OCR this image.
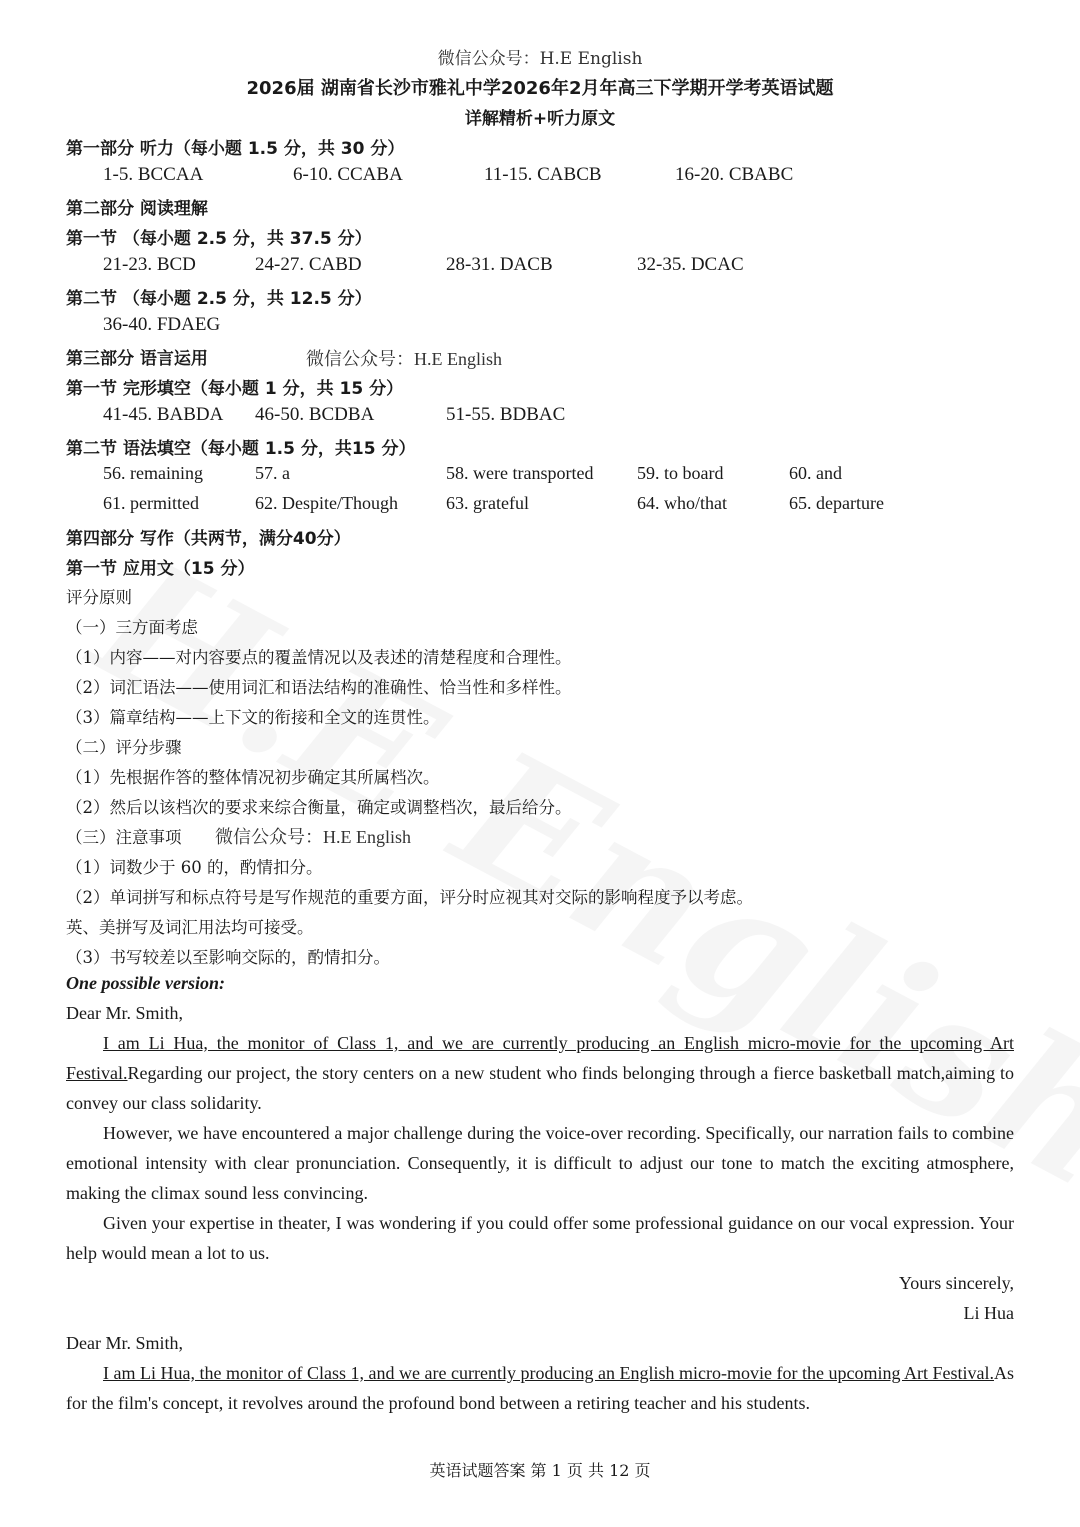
微信公众号：H.E English
2026届 湖南省长沙市雅礼中学2026年2月年高三下学期开学考英语试题
详解精析+听力原文
第一部分 听力（每小题 1.5 分，共 30 分）
1-5. BCCAA	6-10. CCABA	11-15. CABCB	16-20. CBABC
第二部分 阅读理解
第一节 （每小题 2.5 分，共 37.5 分）
21-23. BCD	24-27. CABD	28-31. DACB	32-35. DCAC
第二节 （每小题 2.5 分，共 12.5 分）
36-40. FDAEG
第三部分 语言运用	微信公众号：H.E English
第一节 完形填空（每小题 1 分，共 15 分）
41-45. BABDA 46-50. BCDBA	51-55. BDBAC
第二节 语法填空（每小题 1.5 分，共15 分）
56. remaining	57. a	58. were transported 59. to board	60. and
61. permitted	62. Despite/Though	63. grateful	64. who/that	65. departure
第四部分 写作（共两节，满分40分）
第一节 应用文（15 分）
评分原则
（一）三方面考虑
（1）内容——对内容要点的覆盖情况以及表述的清楚程度和合理性。
（2）词汇语法——使用词汇和语法结构的准确性、恰当性和多样性。
（3）篇章结构——上下文的衔接和全文的连贯性。
（二）评分步骤
（1）先根据作答的整体情况初步确定其所属档次。
（2）然后以该档次的要求来综合衡量，确定或调整档次，最后给分。
（三）注意事项 微信公众号：H.E English
（1）词数少于 60 的，酌情扣分。
（2）单词拼写和标点符号是写作规范的重要方面，评分时应视其对交际的影响程度予以考虑。
英、美拼写及词汇用法均可接受。
（3）书写较差以至影响交际的，酌情扣分。
One possible version:
Dear Mr. Smith,
I am Li Hua, the monitor of Class 1, and we are currently producing an English micro-movie for the upcoming Art Festival.Regarding our project, the story centers on a new student who finds belonging through a fierce basketball match,aiming to convey our class solidarity.
However, we have encountered a major challenge during the voice-over recording. Specifically, our narration fails to combine emotional intensity with clear pronunciation. Consequently, it is difficult to adjust our tone to match the exciting atmosphere, making the climax sound less convincing.
Given your expertise in theater, I was wondering if you could offer some professional guidance on our vocal expression. Your help would mean a lot to us.
Yours sincerely,
Li Hua
Dear Mr. Smith,
I am Li Hua, the monitor of Class 1, and we are currently producing an English micro-movie for the upcoming Art Festival.As for the film's concept, it revolves around the profound bond between a retiring teacher and his students.
英语试题答案 第 1 页 共 12 页
